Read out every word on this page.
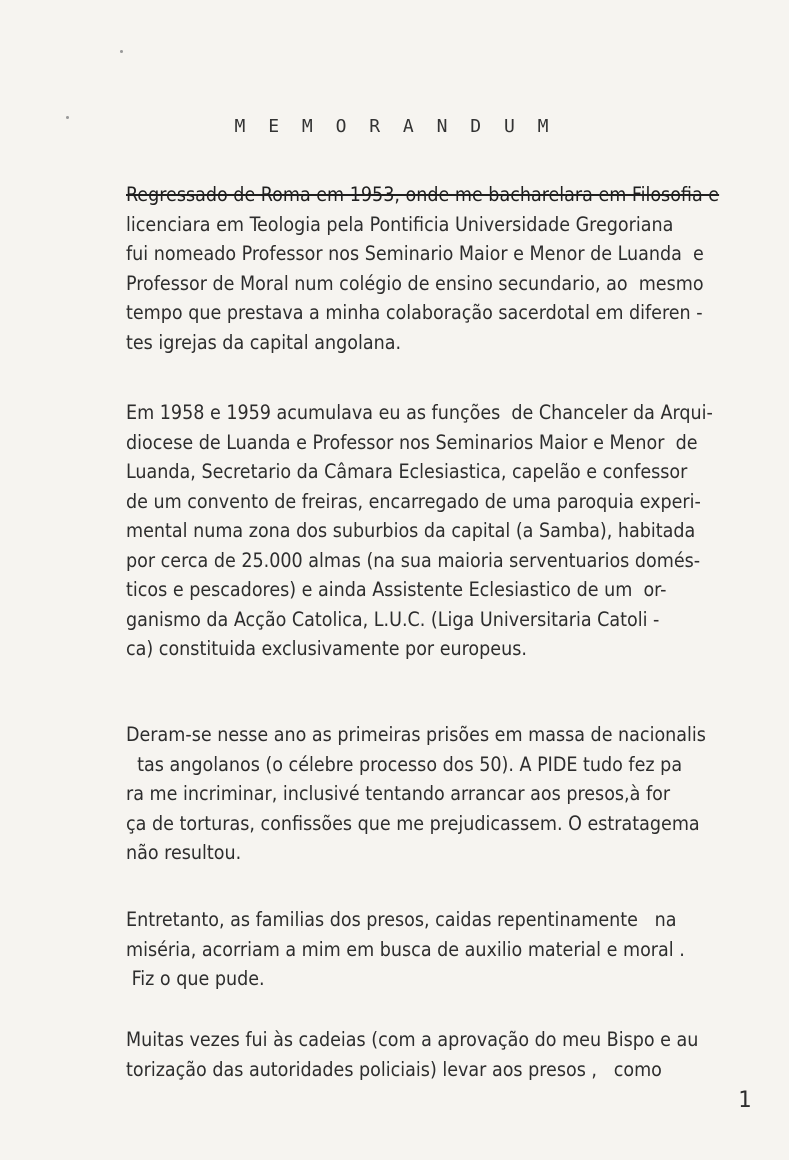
M E M O R A N D U M
Regressado de Roma em 1953, onde me bacharelara em Filosofia e
licenciara em Teologia pela Pontificia Universidade Gregoriana
fui nomeado Professor nos Seminario Maior e Menor de Luanda  e
Professor de Moral num colégio de ensino secundario, ao  mesmo
tempo que prestava a minha colaboração sacerdotal em diferen -
tes igrejas da capital angolana.
Em 1958 e 1959 acumulava eu as funções  de Chanceler da Arqui-
diocese de Luanda e Professor nos Seminarios Maior e Menor  de
Luanda, Secretario da Câmara Eclesiastica, capelão e confessor
de um convento de freiras, encarregado de uma paroquia experi-
mental numa zona dos suburbios da capital (a Samba), habitada
por cerca de 25.000 almas (na sua maioria serventuarios domés-
ticos e pescadores) e ainda Assistente Eclesiastico de um  or-
ganismo da Acção Catolica, L.U.C. (Liga Universitaria Catoli -
ca) constituida exclusivamente por europeus.
Deram-se nesse ano as primeiras prisões em massa de nacionalis
tas angolanos (o célebre processo dos 50). A PIDE tudo fez pa
ra me incriminar, inclusivé tentando arrancar aos presos,à for
ça de torturas, confissões que me prejudicassem. O estratagema
não resultou.
Entretanto, as familias dos presos, caidas repentinamente   na
miséria, acorriam a mim em busca de auxilio material e moral .
Fiz o que pude.
Muitas vezes fui às cadeias (com a aprovação do meu Bispo e au
torização das autoridades policiais) levar aos presos ,   como
1
